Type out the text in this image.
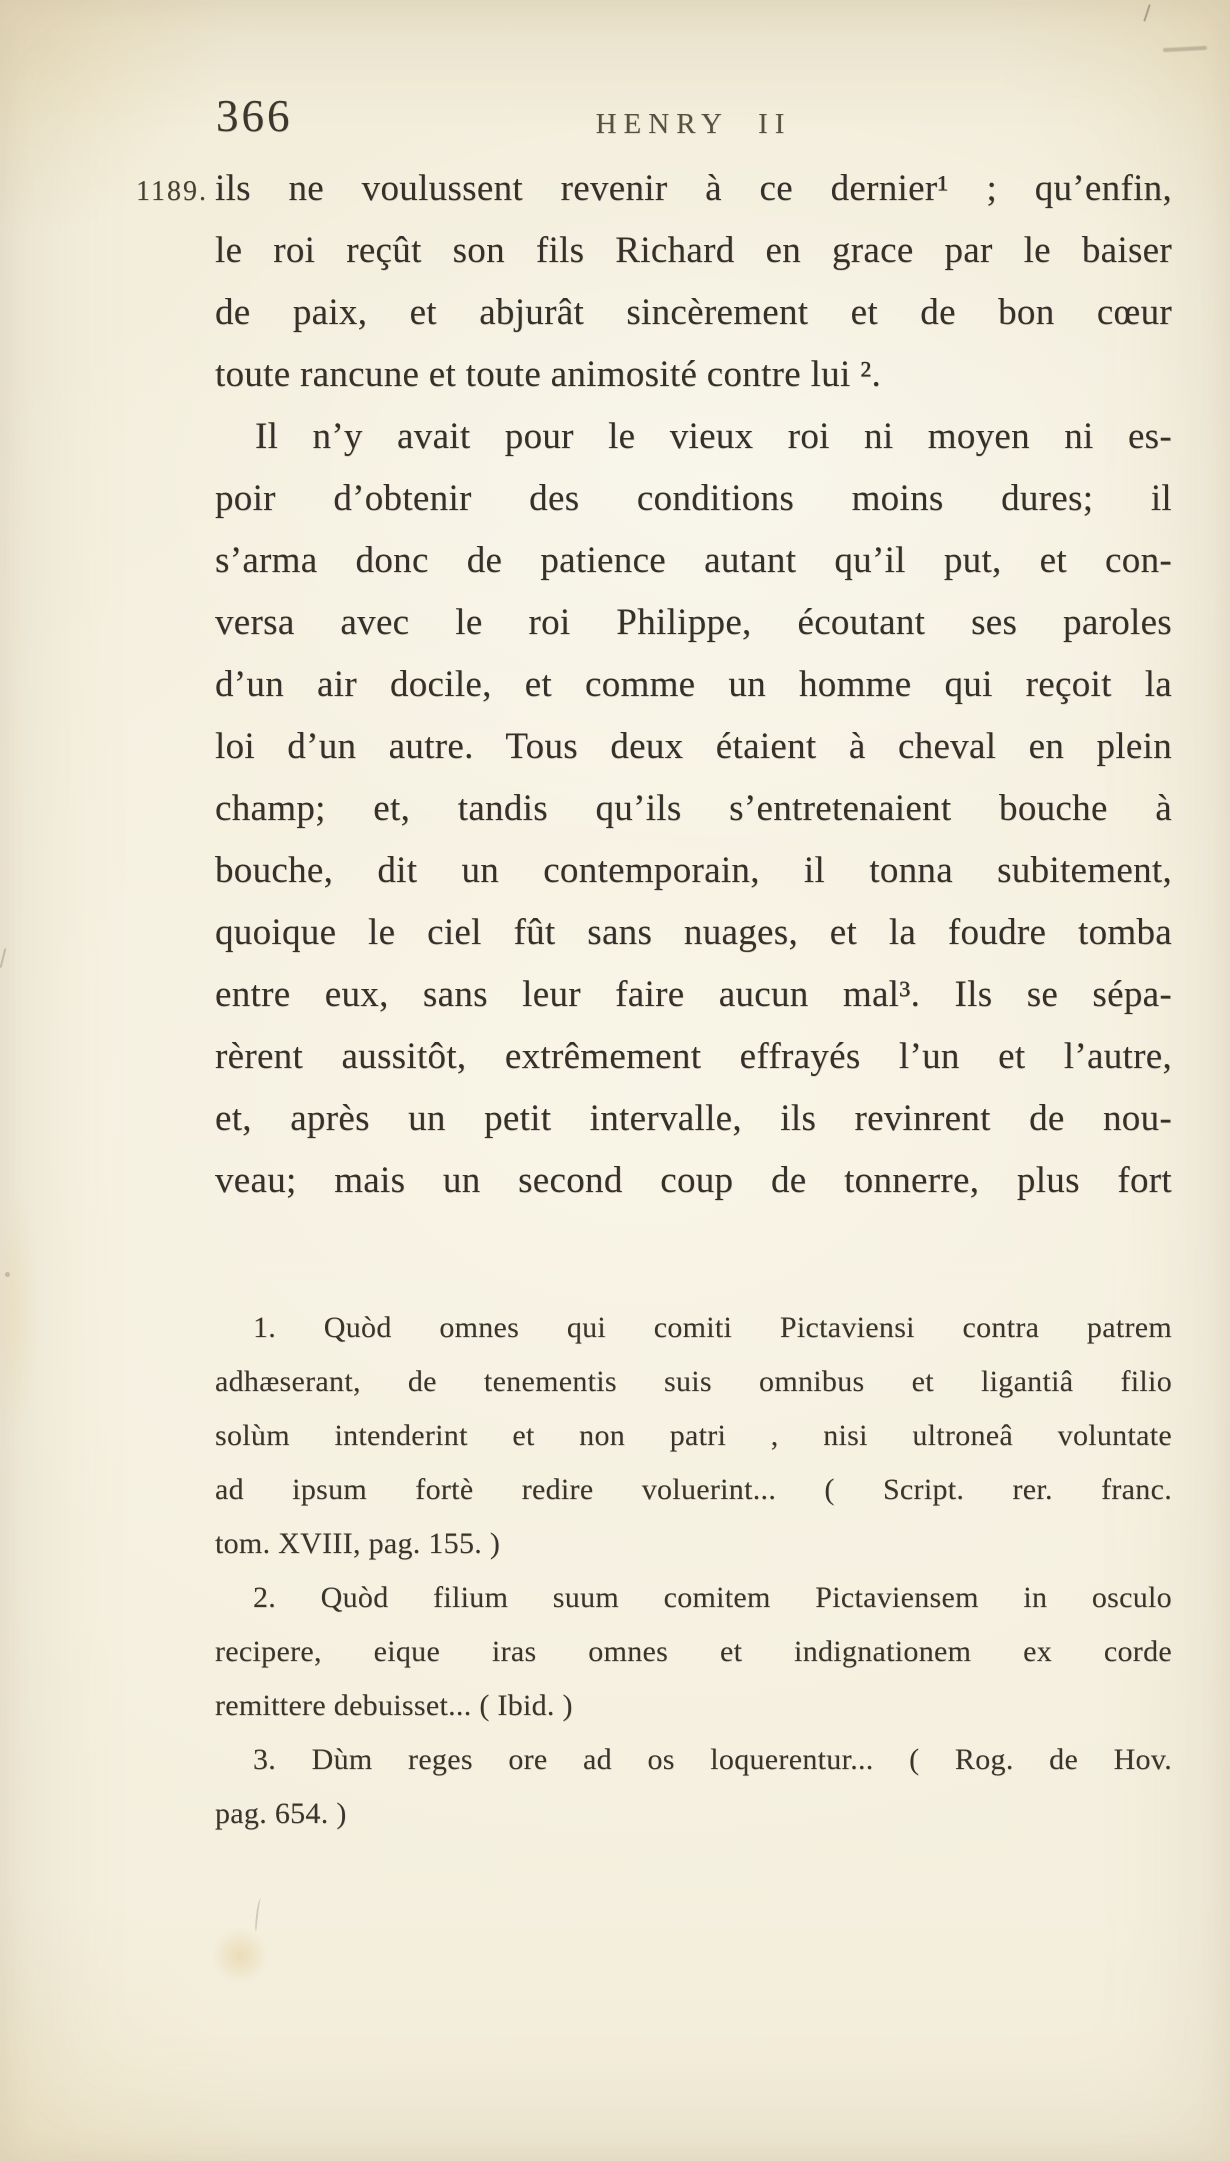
366	HENRY II
1189. ils ne voulussent revenir à ce dernier¹ ; qu’enfin,
le roi reçût son fils Richard en grace par le baiser
de paix, et abjurât sincèrement et de bon cœur
toute rancune et toute animosité contre lui ².
Il n’y avait pour le vieux roi ni moyen ni es-
poir d’obtenir des conditions moins dures; il
s’arma donc de patience autant qu’il put, et con-
versa avec le roi Philippe, écoutant ses paroles
d’un air docile, et comme un homme qui reçoit la
loi d’un autre. Tous deux étaient à cheval en plein
champ; et, tandis qu’ils s’entretenaient bouche à
bouche, dit un contemporain, il tonna subitement,
quoique le ciel fût sans nuages, et la foudre tomba
entre eux, sans leur faire aucun mal³. Ils se sépa-
rèrent aussitôt, extrêmement effrayés l’un et l’autre,
et, après un petit intervalle, ils revinrent de nou-
veau; mais un second coup de tonnerre, plus fort
1. Quòd omnes qui comiti Pictaviensi contra patrem
adhæserant, de tenementis suis omnibus et ligantiâ filio
solùm intenderint et non patri , nisi ultroneâ voluntate
ad ipsum fortè redire voluerint... ( Script. rer. franc.
tom. XVIII, pag. 155. )
2. Quòd filium suum comitem Pictaviensem in osculo
recipere, eique iras omnes et indignationem ex corde
remittere debuisset... ( Ibid. )
3. Dùm reges ore ad os loquerentur... ( Rog. de Hov.
pag. 654. )
